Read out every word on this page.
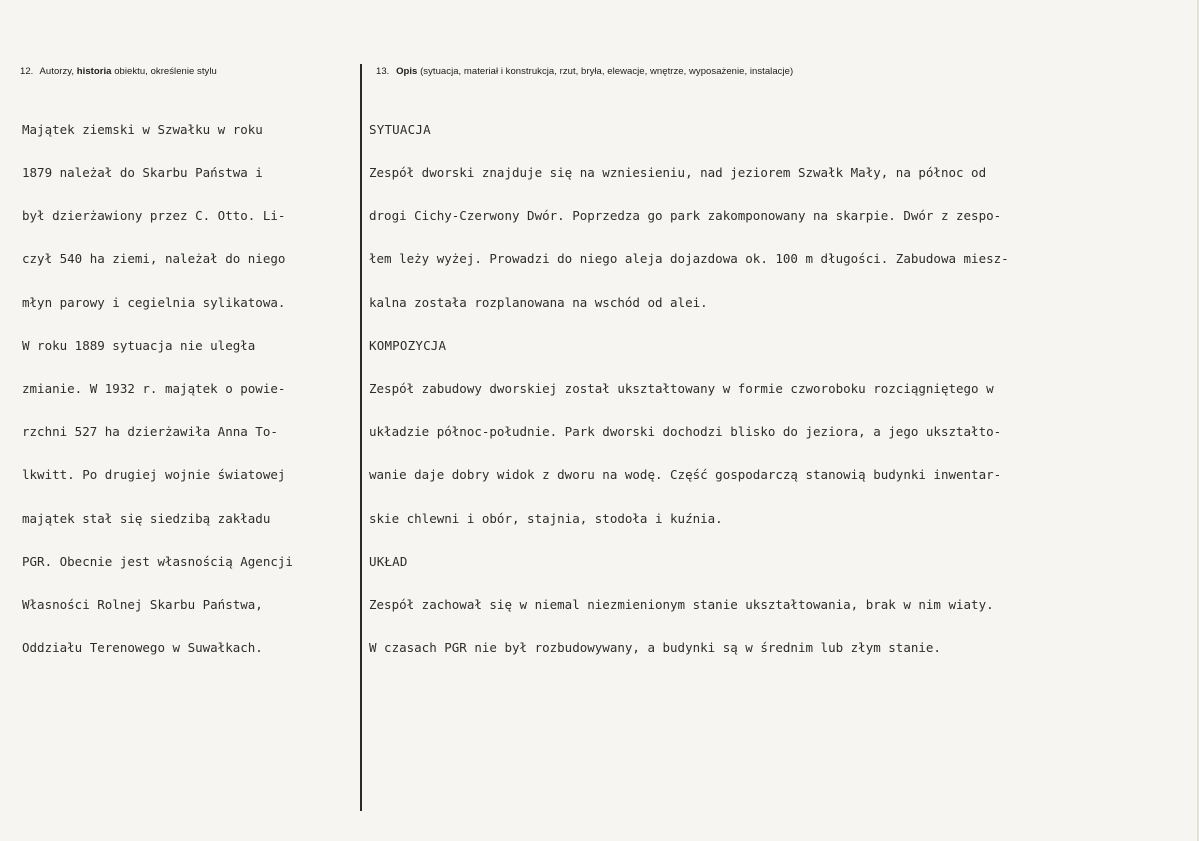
12. Autorzy, historia obiektu, określenie stylu	13. Opis (sytuacja, materiał i konstrukcja, rzut, bryła, elewacje, wnętrze, wyposażenie, instalacje)

Majątek ziemski w Szwałku w roku

1879 należał do Skarbu Państwa i

był dzierżawiony przez C. Otto. Li-

czył 540 ha ziemi, należał do niego

młyn parowy i cegielnia sylikatowa.

W roku 1889 sytuacja nie uległa

zmianie. W 1932 r. majątek o powie-

rzchni 527 ha dzierżawiła Anna To-

lkwitt. Po drugiej wojnie światowej

majątek stał się siedzibą zakładu

PGR. Obecnie jest własnością Agencji

Własności Rolnej Skarbu Państwa,

Oddziału Terenowego w Suwałkach.

SYTUACJA

Zespół dworski znajduje się na wzniesieniu, nad jeziorem Szwałk Mały, na północ od

drogi Cichy-Czerwony Dwór. Poprzedza go park zakomponowany na skarpie. Dwór z zespo-

łem leży wyżej. Prowadzi do niego aleja dojazdowa ok. 100 m długości. Zabudowa miesz-

kalna została rozplanowana na wschód od alei.

KOMPOZYCJA

Zespół zabudowy dworskiej został ukształtowany w formie czworoboku rozciągniętego w

układzie północ-południe. Park dworski dochodzi blisko do jeziora, a jego ukształto-

wanie daje dobry widok z dworu na wodę. Część gospodarczą stanowią budynki inwentar-

skie chlewni i obór, stajnia, stodoła i kuźnia.

UKŁAD

Zespół zachował się w niemal niezmienionym stanie ukształtowania, brak w nim wiaty.

W czasach PGR nie był rozbudowywany, a budynki są w średnim lub złym stanie.
